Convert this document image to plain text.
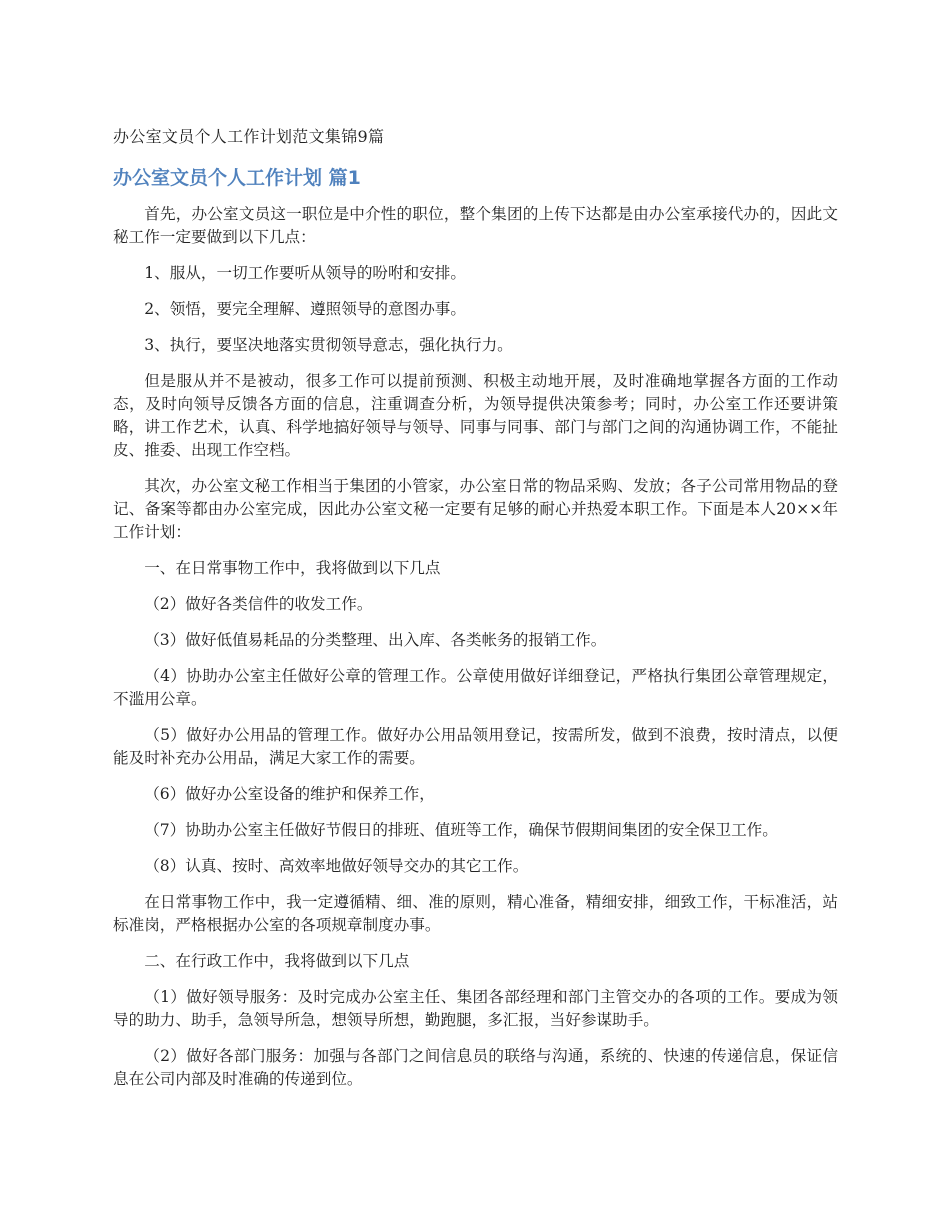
办公室文员个人工作计划范文集锦9篇
办公室文员个人工作计划 篇1

首先，办公室文员这一职位是中介性的职位，整个集团的上传下达都是由办公室承接代办的，因此文秘工作一定要做到以下几点：

1、服从，一切工作要听从领导的吩咐和安排。

2、领悟，要完全理解、遵照领导的意图办事。

3、执行，要坚决地落实贯彻领导意志，强化执行力。

但是服从并不是被动，很多工作可以提前预测、积极主动地开展，及时准确地掌握各方面的工作动态，及时向领导反馈各方面的信息，注重调查分析，为领导提供决策参考；同时，办公室工作还要讲策略，讲工作艺术，认真、科学地搞好领导与领导、同事与同事、部门与部门之间的沟通协调工作，不能扯皮、推委、出现工作空档。

其次，办公室文秘工作相当于集团的小管家，办公室日常的物品采购、发放；各子公司常用物品的登记、备案等都由办公室完成，因此办公室文秘一定要有足够的耐心并热爱本职工作。下面是本人20××年工作计划：

一、在日常事物工作中，我将做到以下几点

（2）做好各类信件的收发工作。

（3）做好低值易耗品的分类整理、出入库、各类帐务的报销工作。

（4）协助办公室主任做好公章的管理工作。公章使用做好详细登记，严格执行集团公章管理规定，不滥用公章。

（5）做好办公用品的管理工作。做好办公用品领用登记，按需所发，做到不浪费，按时清点，以便能及时补充办公用品，满足大家工作的需要。

（6）做好办公室设备的维护和保养工作，

（7）协助办公室主任做好节假日的排班、值班等工作，确保节假期间集团的安全保卫工作。

（8）认真、按时、高效率地做好领导交办的其它工作。

在日常事物工作中，我一定遵循精、细、准的原则，精心准备，精细安排，细致工作，干标准活，站标准岗，严格根据办公室的各项规章制度办事。

二、在行政工作中，我将做到以下几点

（1）做好领导服务：及时完成办公室主任、集团各部经理和部门主管交办的各项的工作。要成为领导的助力、助手，急领导所急，想领导所想，勤跑腿，多汇报，当好参谋助手。

（2）做好各部门服务：加强与各部门之间信息员的联络与沟通，系统的、快速的传递信息，保证信息在公司内部及时准确的传递到位。
